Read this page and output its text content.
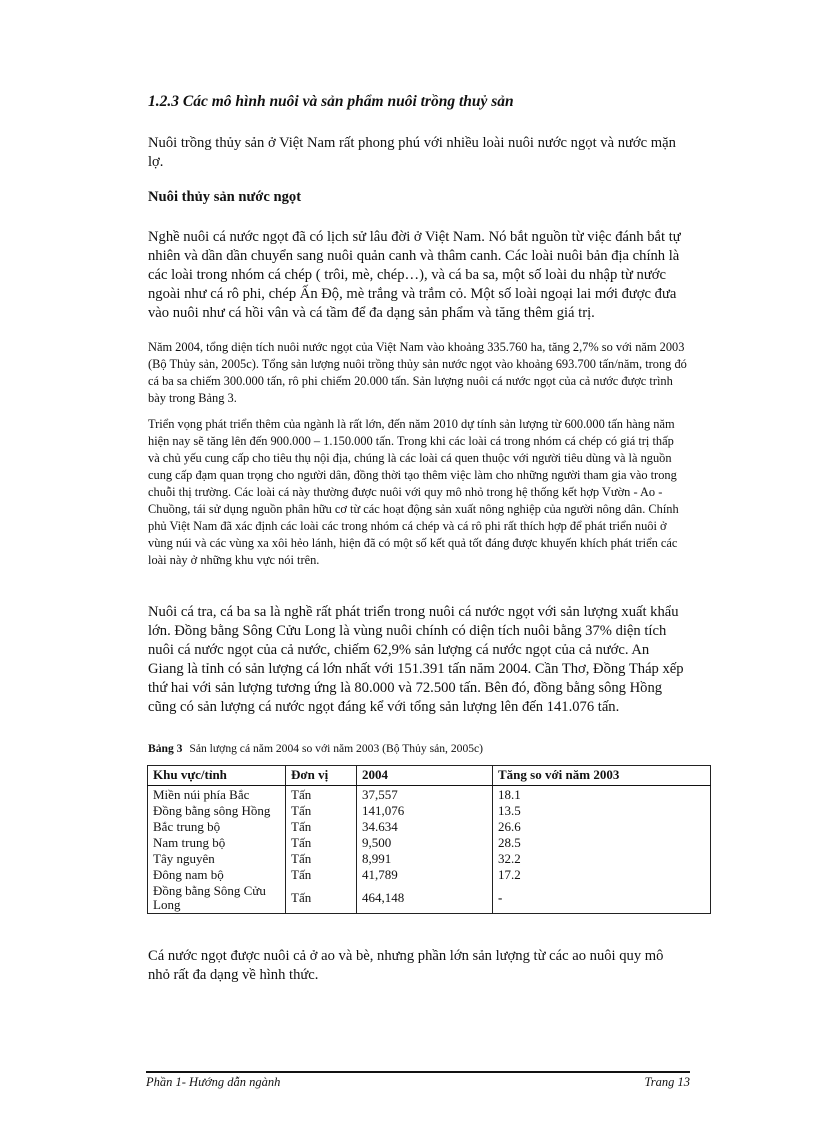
1.2.3 Các mô hình nuôi và sản phẩm nuôi trồng thuỷ sản

Nuôi trồng thủy sản ở Việt Nam rất phong phú với nhiều loài nuôi nước ngọt và nước mặn lợ.

Nuôi thủy sản nước ngọt

Nghề nuôi cá nước ngọt đã có lịch sử lâu đời ở Việt Nam. Nó bắt nguồn từ việc đánh bắt tự nhiên và dần dần chuyển sang nuôi quản canh và thâm canh. Các loài nuôi bản địa chính là các loài trong nhóm cá chép ( trôi, mè, chép…), và cá ba sa, một số loài du nhập từ nước ngoài như cá rô phi, chép Ấn Độ, mè trắng và trắm cỏ. Một số loài ngoại lai mới được đưa vào nuôi như cá hồi vân và cá tầm để đa dạng sản phẩm và tăng thêm giá trị.

Năm 2004, tổng diện tích nuôi nước ngọt của Việt Nam vào khoảng 335.760 ha, tăng 2,7% so với năm 2003 (Bộ Thủy sản, 2005c). Tổng sản lượng nuôi trồng thủy sản nước ngọt vào khoảng 693.700 tấn/năm, trong đó cá ba sa chiếm 300.000 tấn, rô phi chiếm 20.000 tấn. Sản lượng nuôi cá nước ngọt của cả nước được trình bày trong Bảng 3.

Triển vọng phát triển thêm của ngành là rất lớn, đến năm 2010 dự tính sản lượng từ 600.000 tấn hàng năm hiện nay sẽ tăng lên đến 900.000 – 1.150.000 tấn. Trong khi các loài cá trong nhóm cá chép có giá trị thấp và chủ yếu cung cấp cho tiêu thụ nội địa, chúng là các loài cá quen thuộc với người tiêu dùng và là nguồn cung cấp đạm quan trọng cho người dân, đồng thời tạo thêm việc làm cho những người tham gia vào trong chuỗi thị trường. Các loài cá này thường được nuôi với quy mô nhỏ trong hệ thống kết hợp Vườn - Ao - Chuồng, tái sử dụng nguồn phân hữu cơ từ các hoạt động sản xuất nông nghiệp của người nông dân. Chính phủ Việt Nam đã xác định các loài các trong nhóm cá chép và cá rô phi rất thích hợp để phát triển nuôi ở vùng núi và các vùng xa xôi hẻo lánh, hiện đã có một số kết quả tốt đáng được khuyến khích phát triển các loài này ở những khu vực nói trên.

Nuôi cá tra, cá ba sa là nghề rất phát triển trong nuôi cá nước ngọt với sản lượng xuất khẩu lớn. Đồng bằng Sông Cửu Long là vùng nuôi chính có diện tích nuôi bằng 37% diện tích nuôi cá nước ngọt của cả nước, chiếm 62,9% sản lượng cá nước ngọt của cả nước. An Giang là tỉnh có sản lượng cá lớn nhất với 151.391 tấn năm 2004. Cần Thơ, Đồng Tháp xếp thứ hai với sản lượng tương ứng là 80.000 và 72.500 tấn. Bên đó, đồng bằng sông Hồng cũng có sản lượng cá nước ngọt đáng kể với tổng sản lượng lên đến 141.076 tấn.

Bảng 3 Sản lượng cá năm 2004 so với năm 2003 (Bộ Thủy sản, 2005c)

Khu vực/tỉnh	Đơn vị	2004	Tăng so với năm 2003
Miền núi phía Bắc	Tấn	37,557	18.1
Đồng bằng sông Hồng	Tấn	141,076	13.5
Bắc trung bộ	Tấn	34.634	26.6
Nam trung bộ	Tấn	9,500	28.5
Tây nguyên	Tấn	8,991	32.2
Đông nam bộ	Tấn	41,789	17.2
Đồng bằng Sông Cửu Long	Tấn	464,148	-

Cá nước ngọt được nuôi cả ở ao và bè, nhưng phần lớn sản lượng từ các ao nuôi quy mô nhỏ rất đa dạng về hình thức.

Phần 1- Hướng dẫn ngành	Trang 13
